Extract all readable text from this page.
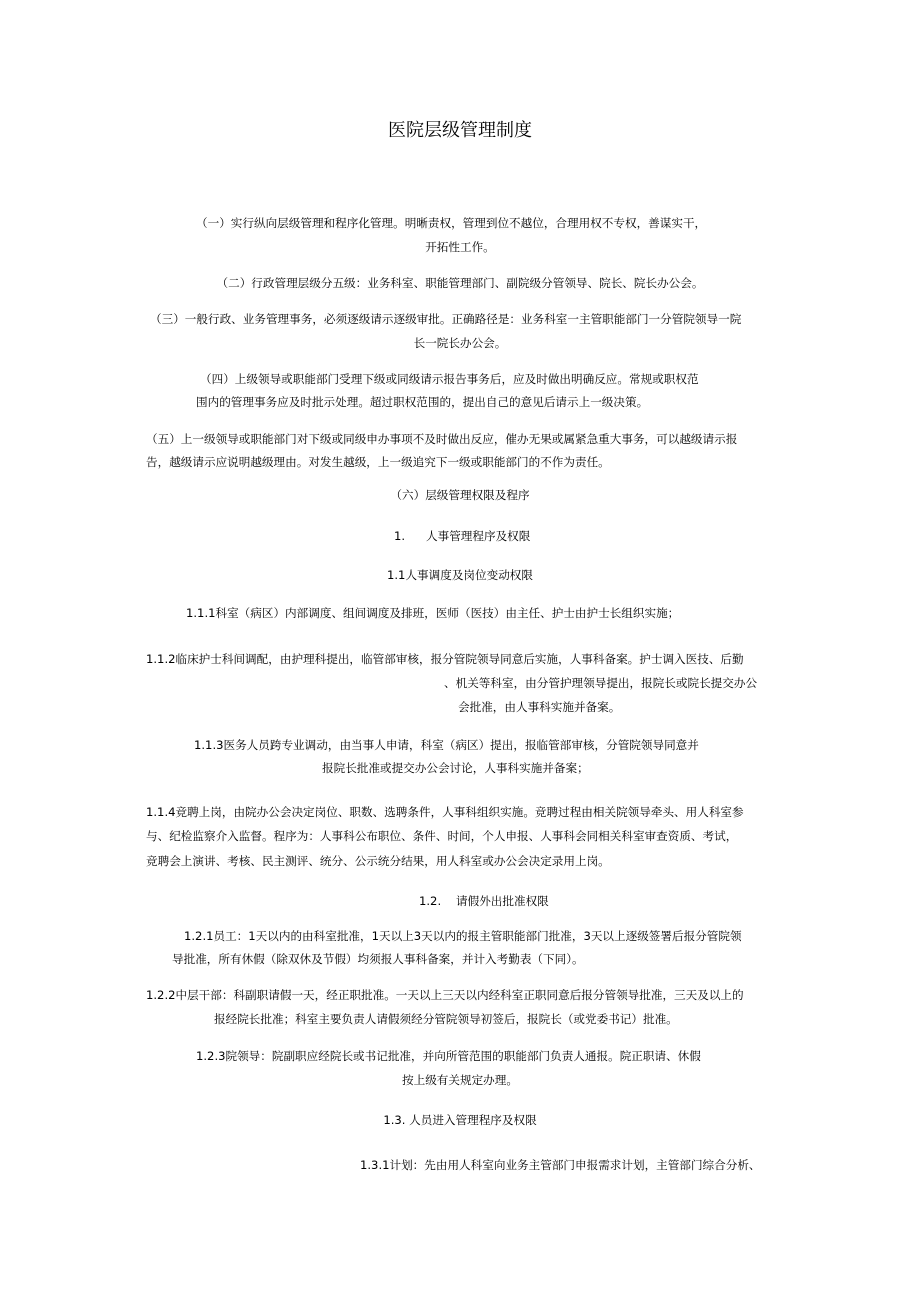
医院层级管理制度
（一）实行纵向层级管理和程序化管理。明晰责权，管理到位不越位，合理用权不专权，善谋实干，
开拓性工作。
（二）行政管理层级分五级：业务科室、职能管理部门、副院级分管领导、院长、院长办公会。
（三）一般行政、业务管理事务，必须逐级请示逐级审批。正确路径是：业务科室一主管职能部门一分管院领导一院
长一院长办公会。
（四）上级领导或职能部门受理下级或同级请示报告事务后，应及时做出明确反应。常规或职权范
围内的管理事务应及时批示处理。超过职权范围的，提出自己的意见后请示上一级决策。
（五）上一级领导或职能部门对下级或同级申办事项不及时做出反应，催办无果或属紧急重大事务，可以越级请示报
告，越级请示应说明越级理由。对发生越级，上一级追究下一级或职能部门的不作为责任。
（六）层级管理权限及程序
1. 人事管理程序及权限
1.1人事调度及岗位变动权限
1.1.1科室（病区）内部调度、组间调度及排班，医师（医技）由主任、护士由护士长组织实施；
1.1.2临床护士科间调配，由护理科提出，临管部审核，报分管院领导同意后实施，人事科备案。护士调入医技、后勤
、机关等科室，由分管护理领导提出，报院长或院长提交办公
会批准，由人事科实施并备案。
1.1.3医务人员跨专业调动，由当事人申请，科室（病区）提出，报临管部审核，分管院领导同意并
报院长批准或提交办公会讨论，人事科实施并备案；
1.1.4竞聘上岗，由院办公会决定岗位、职数、选聘条件，人事科组织实施。竞聘过程由相关院领导牵头、用人科室参
与、纪检监察介入监督。程序为：人事科公布职位、条件、时间，个人申报、人事科会同相关科室审查资质、考试，
竞聘会上演讲、考核、民主测评、统分、公示统分结果，用人科室或办公会决定录用上岗。
1.2. 请假外出批准权限
1.2.1员工：1天以内的由科室批准，1天以上3天以内的报主管职能部门批准，3天以上逐级签署后报分管院领
导批准，所有休假（除双休及节假）均须报人事科备案，并计入考勤表（下同）。
1.2.2中层干部：科副职请假一天，经正职批准。一天以上三天以内经科室正职同意后报分管领导批准，三天及以上的
报经院长批准；科室主要负责人请假须经分管院领导初签后，报院长（或党委书记）批准。
1.2.3院领导：院副职应经院长或书记批准，并向所管范围的职能部门负责人通报。院正职请、休假
按上级有关规定办理。
1.3. 人员进入管理程序及权限
1.3.1计划：先由用人科室向业务主管部门申报需求计划，主管部门综合分析、
